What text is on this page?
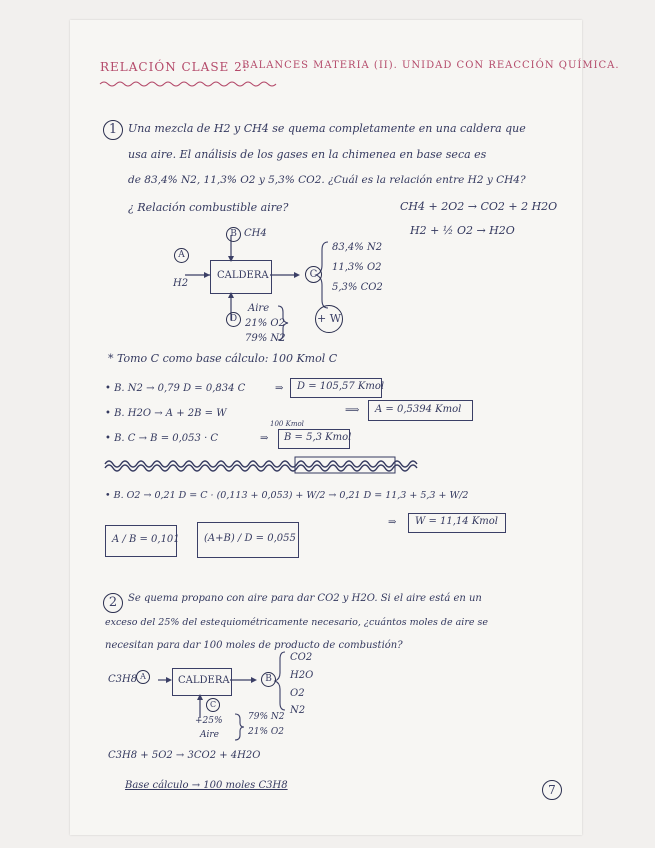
RELACIÓN CLASE 2:
BALANCES MATERIA (II). UNIDAD CON REACCIÓN QUÍMICA.
1 Una mezcla de H2 y CH4 se quema completamente en una caldera que
usa aire. El análisis de los gases en la chimenea en base seca es
de 83,4% N2, 11,3% O2 y 5,3% CO2. ¿Cuál es la relación entre H2 y CH4?
¿ Relación combustible aire?	CH4 + 2O2 → CO2 + 2 H2O
H2 + ½ O2 → H2O
CALDERA
A
H2
B CH4
C
83,4% N2
11,3% O2
5,3% CO2
+ W
Aire
D 21% O2
79% N2
* Tomo C como base cálculo: 100 Kmol C
• B. N2 → 0,79 D = 0,834 C	⇒ D = 105,57 Kmol
• B. H2O → A + 2B = W	⟹ A = 0,5394 Kmol
100 Kmol
• B. C → B = 0,053 · C	⇒ B = 5,3 Kmol
• B. O2 → 0,21 D = C · (0,113 + 0,053) + W/2 → 0,21 D = 11,3 + 5,3 + W/2
⇒ W = 11,14 Kmol
A / B = 0,101 (A+B) / D = 0,055
2	Se quema propano con aire para dar CO2 y H2O. Si el aire está en un
exceso del 25% del estequiométricamente necesario, ¿cuántos moles de aire se
necesitan para dar 100 moles de producto de combustión?
C3H8 A	CALDERA	B
CO2
H2O
O2
N2
C
+25%
Aire
79% N2
21% O2
C3H8 + 5O2 → 3CO2 + 4H2O
Base cálculo → 100 moles C3H8	7
